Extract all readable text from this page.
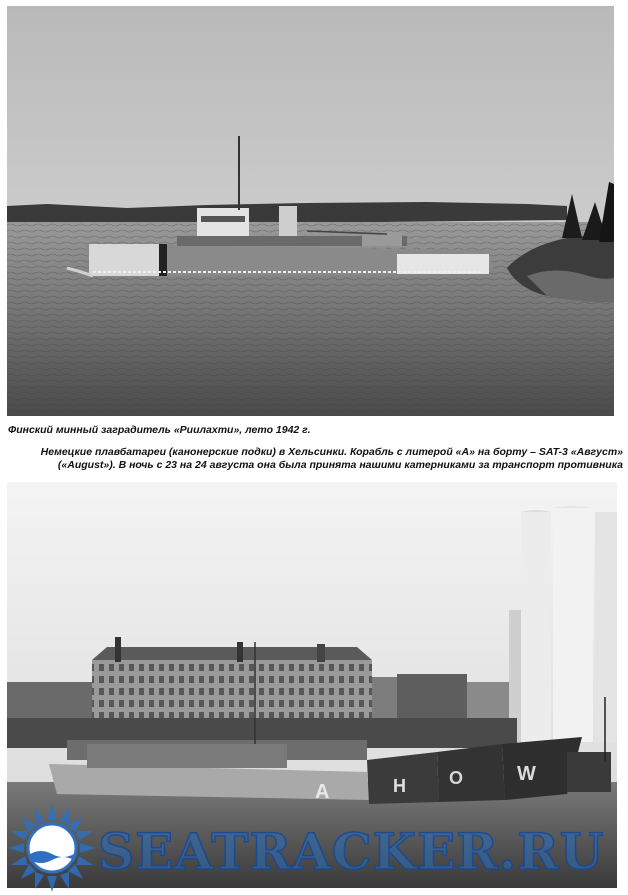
Финский минный заградитель «Риилахти», лето 1942 г.
Немецкие плавбатареи (канонерские подки) в Хельсинки. Корабль с литерой «А» на борту – SAT-3 «Август»
(«August»). В ночь с 23 на 24 августа она была принята нашими катерниками за транспорт противника
A	H O	W
SEATRACKER.RU
